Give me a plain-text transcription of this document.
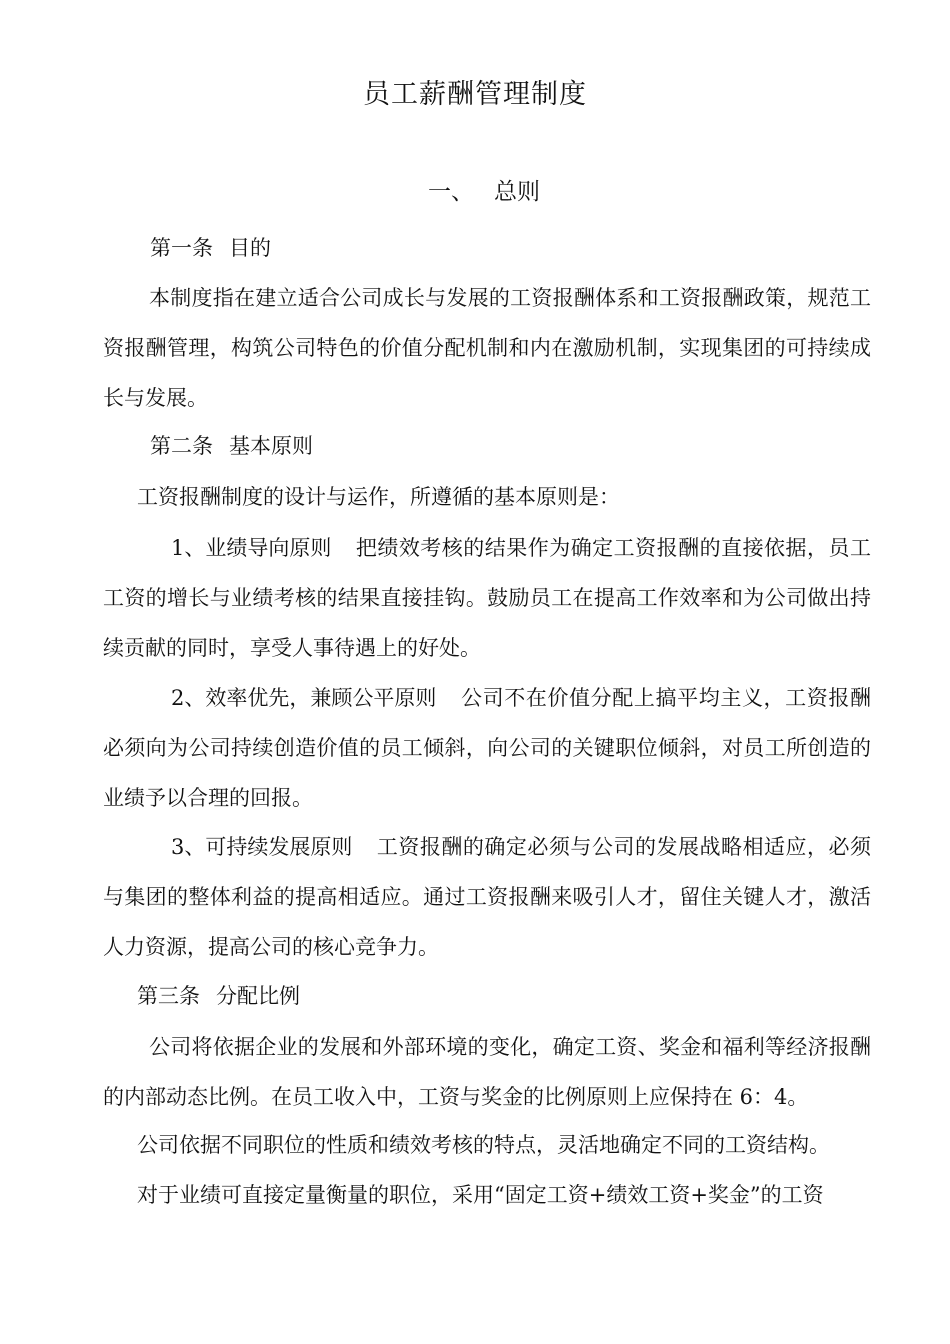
员工薪酬管理制度
一、 总则
第一条 目的
本制度指在建立适合公司成长与发展的工资报酬体系和工资报酬政策，规范工资报酬管理，构筑公司特色的价值分配机制和内在激励机制，实现集团的可持续成长与发展。
第二条 基本原则
工资报酬制度的设计与运作，所遵循的基本原则是：
1、业绩导向原则 把绩效考核的结果作为确定工资报酬的直接依据，员工工资的增长与业绩考核的结果直接挂钩。鼓励员工在提高工作效率和为公司做出持续贡献的同时，享受人事待遇上的好处。
2、效率优先，兼顾公平原则 公司不在价值分配上搞平均主义，工资报酬必须向为公司持续创造价值的员工倾斜，向公司的关键职位倾斜，对员工所创造的业绩予以合理的回报。
3、可持续发展原则 工资报酬的确定必须与公司的发展战略相适应，必须与集团的整体利益的提高相适应。通过工资报酬来吸引人才，留住关键人才，激活人力资源，提高公司的核心竞争力。
第三条 分配比例
公司将依据企业的发展和外部环境的变化，确定工资、奖金和福利等经济报酬的内部动态比例。在员工收入中，工资与奖金的比例原则上应保持在 6：4。
公司依据不同职位的性质和绩效考核的特点，灵活地确定不同的工资结构。
对于业绩可直接定量衡量的职位，采用“固定工资+绩效工资+奖金”的工资
